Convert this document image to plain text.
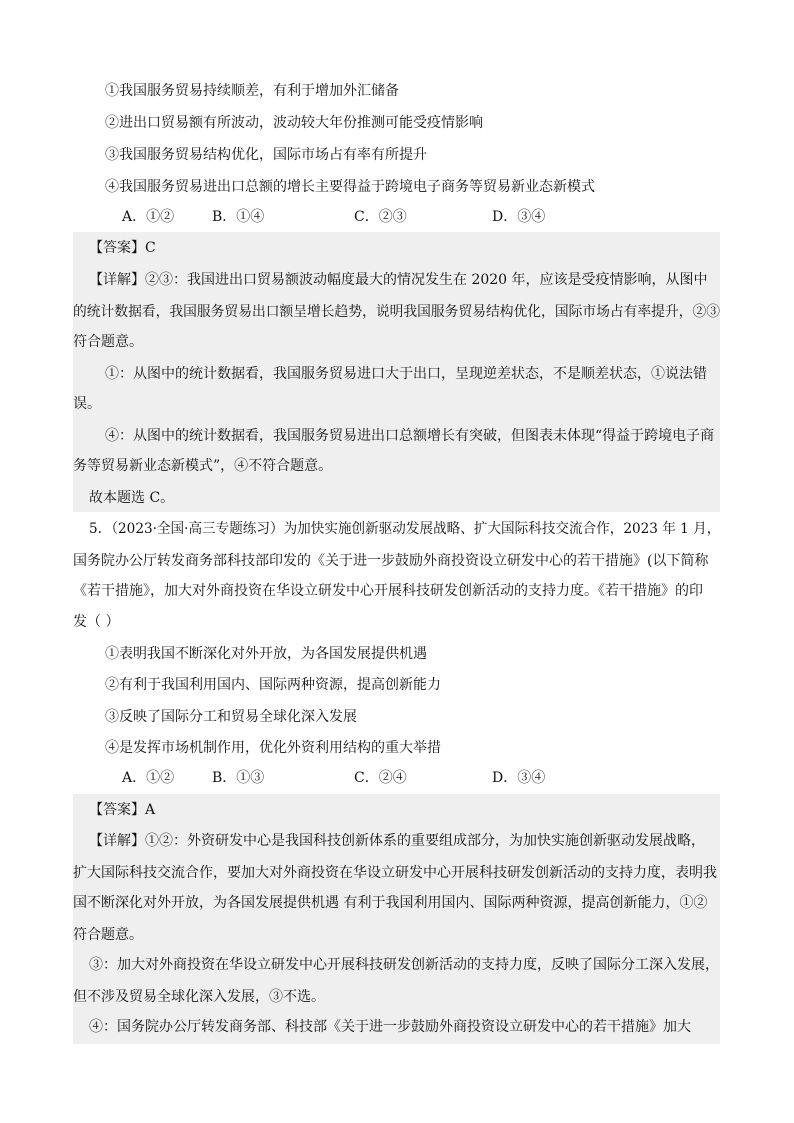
①我国服务贸易持续顺差，有利于增加外汇储备
②进出口贸易额有所波动，波动较大年份推测可能受疫情影响
③我国服务贸易结构优化，国际市场占有率有所提升
④我国服务贸易进出口总额的增长主要得益于跨境电子商务等贸易新业态新模式
A．①②	B．①④	C．②③	D．③④
【答案】C
【详解】②③：我国进出口贸易额波动幅度最大的情况发生在 2020 年，应该是受疫情影响，从图中
的统计数据看，我国服务贸易出口额呈增长趋势，说明我国服务贸易结构优化，国际市场占有率提升，②③
符合题意。
①：从图中的统计数据看，我国服务贸易进口大于出口，呈现逆差状态，不是顺差状态，①说法错
误。
④：从图中的统计数据看，我国服务贸易进出口总额增长有突破，但图表未体现“得益于跨境电子商
务等贸易新业态新模式”，④不符合题意。
故本题选 C。
5．（2023·全国·高三专题练习）为加快实施创新驱动发展战略、扩大国际科技交流合作，2023 年 1 月，
国务院办公厅转发商务部科技部印发的《关于进一步鼓励外商投资设立研发中心的若干措施》(以下简称
《若干措施》，加大对外商投资在华设立研发中心开展科技研发创新活动的支持力度。《若干措施》的印
发（ ）
①表明我国不断深化对外开放，为各国发展提供机遇
②有利于我国利用国内、国际两种资源，提高创新能力
③反映了国际分工和贸易全球化深入发展
④是发挥市场机制作用，优化外资利用结构的重大举措
A．①②	B．①③	C．②④	D．③④
【答案】A
【详解】①②：外资研发中心是我国科技创新体系的重要组成部分，为加快实施创新驱动发展战略，
扩大国际科技交流合作，要加大对外商投资在华设立研发中心开展科技研发创新活动的支持力度，表明我
国不断深化对外开放，为各国发展提供机遇 有利于我国利用国内、国际两种资源，提高创新能力，①②
符合题意。
③：加大对外商投资在华设立研发中心开展科技研发创新活动的支持力度，反映了国际分工深入发展，
但不涉及贸易全球化深入发展，③不选。
④：国务院办公厅转发商务部、科技部《关于进一步鼓励外商投资设立研发中心的若干措施》加大
